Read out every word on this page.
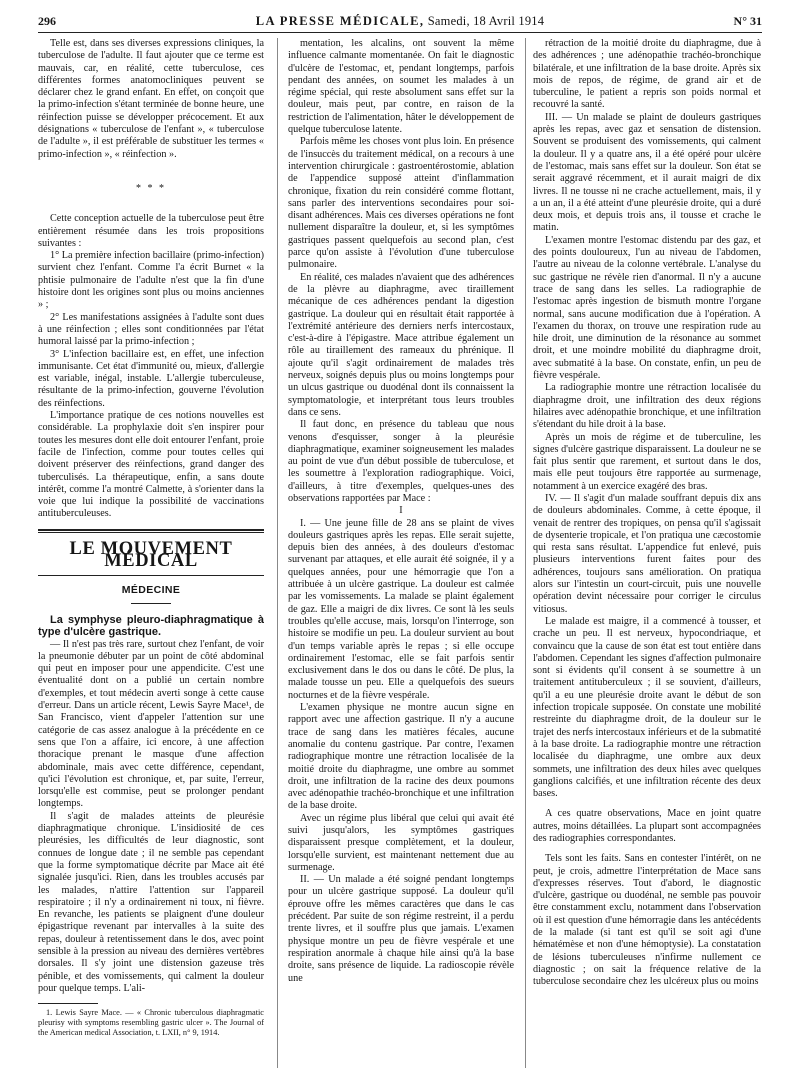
296	LA PRESSE MÉDICALE, Samedi, 18 Avril 1914	N° 31

Telle est, dans ses diverses expressions cliniques, la tuberculose de l'adulte. Il faut ajouter que ce terme est mauvais, car, en réalité, cette tuberculose, ces différentes formes anatomocliniques peuvent se déclarer chez le grand enfant. En effet, on conçoit que la primo-infection s'étant terminée de bonne heure, une réinfection puisse se développer précocement. Et aux désignations « tuberculose de l'enfant », « tuberculose de l'adulte », il est préférable de substituer les termes « primo-infection », « réinfection ».

* * *

Cette conception actuelle de la tuberculose peut être entièrement résumée dans les trois propositions suivantes :

1° La première infection bacillaire (primo-infection) survient chez l'enfant. Comme l'a écrit Burnet « la phtisie pulmonaire de l'adulte n'est que la fin d'une histoire dont les origines sont plus ou moins anciennes » ;

2° Les manifestations assignées à l'adulte sont dues à une réinfection ; elles sont conditionnées par l'état humoral laissé par la primo-infection ;

3° L'infection bacillaire est, en effet, une infection immunisante. Cet état d'immunité ou, mieux, d'allergie est variable, inégal, instable. L'allergie tuberculeuse, résultante de la primo-infection, gouverne l'évolution des réinfections.

L'importance pratique de ces notions nouvelles est considérable. La prophylaxie doit s'en inspirer pour toutes les mesures dont elle doit entourer l'enfant, proie facile de l'infection, comme pour toutes celles qui doivent préserver des réinfections, grand danger des tuberculisés. La thérapeutique, enfin, a sans doute intérêt, comme l'a montré Calmette, à s'orienter dans la voie que lui indique la possibilité de vaccinations antituberculeuses.

LE MOUVEMENT MÉDICAL
MÉDECINE

La symphyse pleuro-diaphragmatique à type d'ulcère gastrique.

— Il n'est pas très rare, surtout chez l'enfant, de voir la pneumonie débuter par un point de côté abdominal qui peut en imposer pour une appendicite. C'est une éventualité dont on a publié un certain nombre d'exemples, et tout médecin averti songe à cette cause d'erreur. Dans un article récent, Lewis Sayre Mace¹, de San Francisco, vient d'appeler l'attention sur une catégorie de cas assez analogue à la précédente en ce sens que l'on a affaire, ici encore, à une affection thoracique prenant le masque d'une affection abdominale, mais avec cette différence, cependant, qu'ici l'évolution est chronique, et, par suite, l'erreur, lorsqu'elle est commise, peut se prolonger pendant longtemps.

Il s'agit de malades atteints de pleurésie diaphragmatique chronique. L'insidiosité de ces pleurésies, les difficultés de leur diagnostic, sont connues de longue date ; il ne semble pas cependant que la forme symptomatique décrite par Mace ait été signalée jusqu'ici. Rien, dans les troubles accusés par les malades, n'attire l'attention sur l'appareil respiratoire ; il n'y a ordinairement ni toux, ni fièvre. En revanche, les patients se plaignent d'une douleur épigastrique revenant par intervalles à la suite des repas, douleur à retentissement dans le dos, avec point sensible à la pression au niveau des dernières vertèbres dorsales. Il s'y joint une distension gazeuse très pénible, et des vomissements, qui calment la douleur pour quelque temps. L'ali-

1. Lewis Sayre Mace. — « Chronic tuberculous diaphragmatic pleurisy with symptoms resembling gastric ulcer ». The Journal of the American medical Association, t. LXII, n° 9, 1914.

mentation, les alcalins, ont souvent la même influence calmante momentanée. On fait le diagnostic d'ulcère de l'estomac, et, pendant longtemps, parfois pendant des années, on soumet les malades à un régime spécial, qui reste absolument sans effet sur la douleur, mais peut, par contre, en raison de la restriction de l'alimentation, hâter le développement de quelque tuberculose latente.

Parfois même les choses vont plus loin. En présence de l'insuccès du traitement médical, on a recours à une intervention chirurgicale : gastroentérostomie, ablation de l'appendice supposé atteint d'inflammation chronique, fixation du rein considéré comme flottant, sans parler des interventions secondaires pour soi-disant adhérences. Mais ces diverses opérations ne font nullement disparaître la douleur, et, si les symptômes gastriques passent quelquefois au second plan, c'est parce qu'on assiste à l'évolution d'une tuberculose pulmonaire.

En réalité, ces malades n'avaient que des adhérences de la plèvre au diaphragme, avec tiraillement mécanique de ces adhérences pendant la digestion gastrique. La douleur qui en résultait était rapportée à l'extrémité antérieure des derniers nerfs intercostaux, c'est-à-dire à l'épigastre. Mace attribue également un rôle au tiraillement des rameaux du phrénique. Il ajoute qu'il s'agit ordinairement de malades très nerveux, soignés depuis plus ou moins longtemps pour un ulcus gastrique ou duodénal dont ils connaissent la symptomatologie, et interprétant tous leurs troubles dans ce sens.

Il faut donc, en présence du tableau que nous venons d'esquisser, songer à la pleurésie diaphragmatique, examiner soigneusement les malades au point de vue d'un début possible de tuberculose, et les soumettre à l'exploration radiographique. Voici, d'ailleurs, à titre d'exemples, quelques-unes des observations rapportées par Mace :

I

I. — Une jeune fille de 28 ans se plaint de vives douleurs gastriques après les repas. Elle serait sujette, depuis bien des années, à des douleurs d'estomac survenant par attaques, et elle aurait été soignée, il y a quelques années, pour une hémorragie que l'on a attribuée à un ulcère gastrique. La douleur est calmée par les vomissements. La malade se plaint également de gaz. Elle a maigri de dix livres. Ce sont là les seuls troubles qu'elle accuse, mais, lorsqu'on l'interroge, son histoire se modifie un peu. La douleur survient au bout d'un temps variable après le repas ; si elle occupe ordinairement l'estomac, elle se fait parfois sentir exclusivement dans le dos ou dans le côté. De plus, la malade tousse un peu. Elle a quelquefois des sueurs nocturnes et de la fièvre vespérale.

L'examen physique ne montre aucun signe en rapport avec une affection gastrique. Il n'y a aucune trace de sang dans les matières fécales, aucune anomalie du contenu gastrique. Par contre, l'examen radiographique montre une rétraction localisée de la moitié droite du diaphragme, une ombre au sommet droit, une infiltration de la racine des deux poumons avec adénopathie trachéo-bronchique et une infiltration de la base droite.

Avec un régime plus libéral que celui qui avait été suivi jusqu'alors, les symptômes gastriques disparaissent presque complètement, et la douleur, lorsqu'elle survient, est maintenant nettement due au surmenage.

II. — Un malade a été soigné pendant longtemps pour un ulcère gastrique supposé. La douleur qu'il éprouve offre les mêmes caractères que dans le cas précédent. Par suite de son régime restreint, il a perdu trente livres, et il souffre plus que jamais. L'examen physique montre un peu de fièvre vespérale et une respiration anormale à chaque hile ainsi qu'à la base droite, sans présence de liquide. La radioscopie révèle une

rétraction de la moitié droite du diaphragme, due à des adhérences ; une adénopathie trachéo-bronchique bilatérale, et une infiltration de la base droite. Après six mois de repos, de régime, de grand air et de tuberculine, le patient a repris son poids normal et recouvré la santé.

III. — Un malade se plaint de douleurs gastriques après les repas, avec gaz et sensation de distension. Souvent se produisent des vomissements, qui calment la douleur. Il y a quatre ans, il a été opéré pour ulcère de l'estomac, mais sans effet sur la douleur. Son état se serait aggravé récemment, et il aurait maigri de dix livres. Il ne tousse ni ne crache actuellement, mais, il y a un an, il a été atteint d'une pleurésie droite, qui a duré deux mois, et depuis trois ans, il tousse et crache le matin.

L'examen montre l'estomac distendu par des gaz, et des points douloureux, l'un au niveau de l'abdomen, l'autre au niveau de la colonne vertébrale. L'analyse du suc gastrique ne révèle rien d'anormal. Il n'y a aucune trace de sang dans les selles. La radiographie de l'estomac après ingestion de bismuth montre l'organe normal, sans aucune modification due à l'opération. A l'examen du thorax, on trouve une respiration rude au hile droit, une diminution de la résonance au sommet droit, et une moindre mobilité du diaphragme droit, avec submatité à la base. On constate, enfin, un peu de fièvre vespérale.

La radiographie montre une rétraction localisée du diaphragme droit, une infiltration des deux régions hilaires avec adénopathie bronchique, et une infiltration s'étendant du hile droit à la base.

Après un mois de régime et de tuberculine, les signes d'ulcère gastrique disparaissent. La douleur ne se fait plus sentir que rarement, et surtout dans le dos, mais elle peut toujours être rapportée au surmenage, notamment à un exercice exagéré des bras.

IV. — Il s'agit d'un malade souffrant depuis dix ans de douleurs abdominales. Comme, à cette époque, il venait de rentrer des tropiques, on pensa qu'il s'agissait de dysenterie tropicale, et l'on pratiqua une cæcostomie qui resta sans résultat. L'appendice fut enlevé, puis plusieurs interventions furent faites pour des adhérences, toujours sans amélioration. On pratiqua alors sur l'intestin un court-circuit, puis une nouvelle opération devint nécessaire pour corriger le circulus vitiosus.

Le malade est maigre, il a commencé à tousser, et crache un peu. Il est nerveux, hypocondriaque, et convaincu que la cause de son état est tout entière dans l'abdomen. Cependant les signes d'affection pulmonaire sont si évidents qu'il consent à se soumettre à un traitement antituberculeux ; il se souvient, d'ailleurs, qu'il a eu une pleurésie droite avant le début de son infection tropicale supposée. On constate une mobilité restreinte du diaphragme droit, de la douleur sur le trajet des nerfs intercostaux inférieurs et de la submatité à la base droite. La radiographie montre une rétraction localisée du diaphragme, une ombre aux deux sommets, une infiltration des deux hiles avec quelques ganglions calcifiés, et une infiltration récente des deux bases.

A ces quatre observations, Mace en joint quatre autres, moins détaillées. La plupart sont accompagnées des radiographies correspondantes.

Tels sont les faits. Sans en contester l'intérêt, on ne peut, je crois, admettre l'interprétation de Mace sans d'expresses réserves. Tout d'abord, le diagnostic d'ulcère, gastrique ou duodénal, ne semble pas pouvoir être constamment exclu, notamment dans l'observation où il est question d'une hémorragie dans les antécédents de la malade (si tant est qu'il se soit agi d'une hématémèse et non d'une hémoptysie). La constatation de lésions tuberculeuses n'infirme nullement ce diagnostic ; on sait la fréquence relative de la tuberculose secondaire chez les ulcéreux plus ou moins
